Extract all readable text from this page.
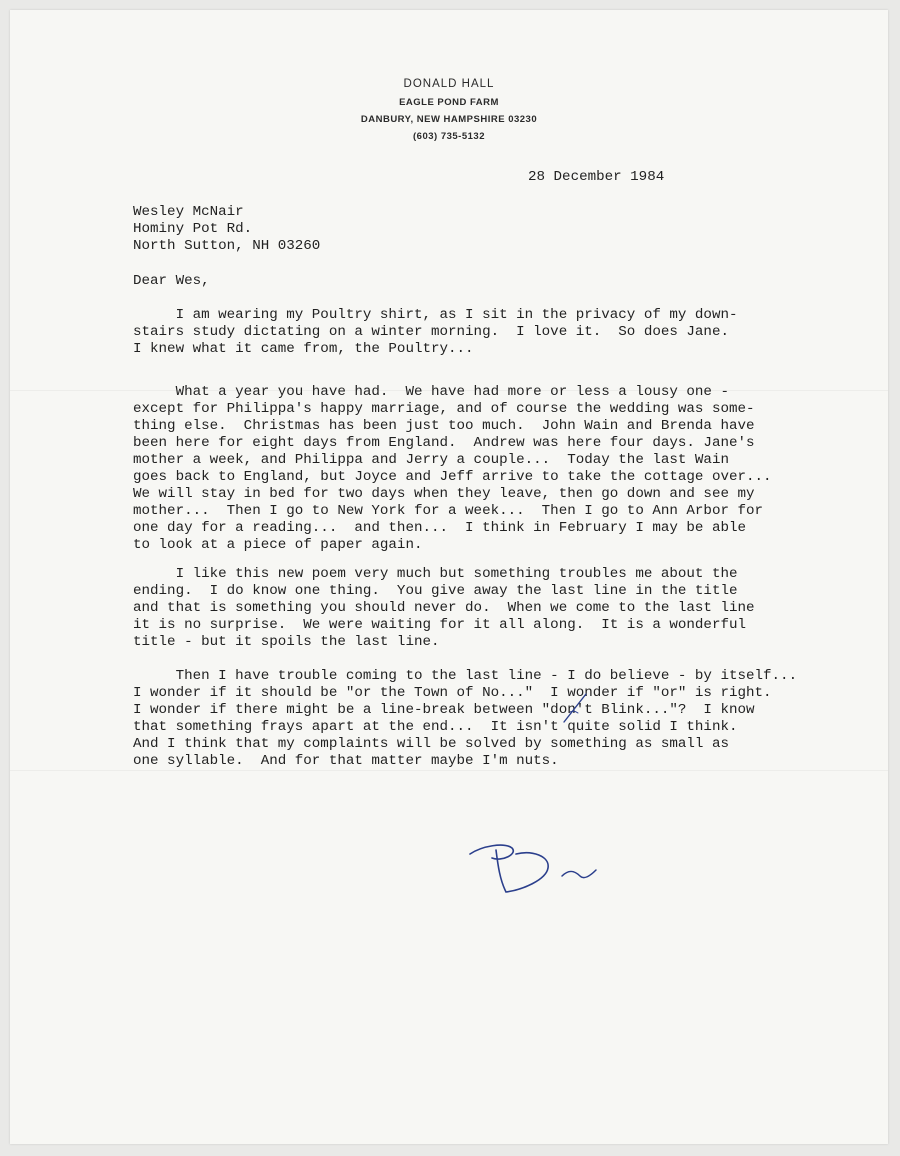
DONALD HALL
EAGLE POND FARM
DANBURY, NEW HAMPSHIRE 03230
(603) 735-5132
28 December 1984
Wesley McNair
Hominy Pot Rd.
North Sutton, NH 03260
Dear Wes,
I am wearing my Poultry shirt, as I sit in the privacy of my down-
stairs study dictating on a winter morning.  I love it.  So does Jane.
I knew what it came from, the Poultry...
What a year you have had.  We have had more or less a lousy one -
except for Philippa's happy marriage, and of course the wedding was some-
thing else.  Christmas has been just too much.  John Wain and Brenda have
been here for eight days from England.  Andrew was here four days. Jane's
mother a week, and Philippa and Jerry a couple...  Today the last Wain
goes back to England, but Joyce and Jeff arrive to take the cottage over...
We will stay in bed for two days when they leave, then go down and see my
mother...  Then I go to New York for a week...  Then I go to Ann Arbor for
one day for a reading...  and then...  I think in February I may be able
to look at a piece of paper again.
I like this new poem very much but something troubles me about the
ending.  I do know one thing.  You give away the last line in the title
and that is something you should never do.  When we come to the last line
it is no surprise.  We were waiting for it all along.  It is a wonderful
title - but it spoils the last line.
Then I have trouble coming to the last line - I do believe - by itself...
I wonder if it should be "or the Town of No..."  I wonder if "or" is right.
I wonder if there might be a line-break between "don't Blink..."?  I know
that something frays apart at the end...  It isn't quite solid I think.
And I think that my complaints will be solved by something as small as
one syllable.  And for that matter maybe I'm nuts.
